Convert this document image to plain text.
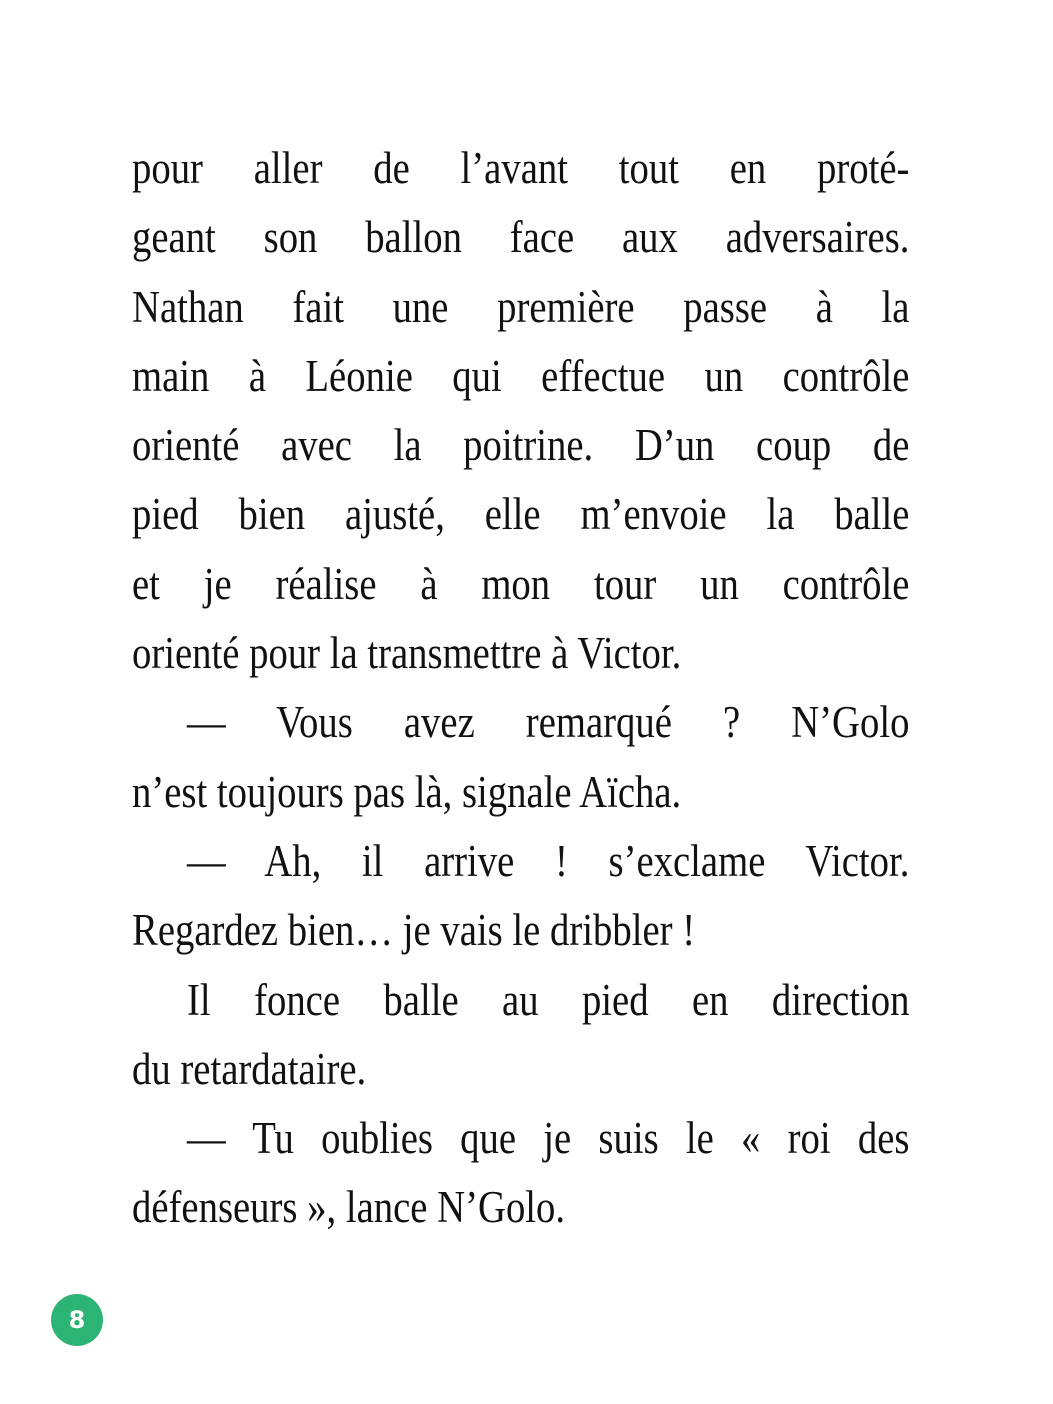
pour aller de l’avant tout en proté-
geant son ballon face aux adversaires.
Nathan fait une première passe à la
main à Léonie qui effectue un contrôle
orienté avec la poitrine. D’un coup de
pied bien ajusté, elle m’envoie la balle
et je réalise à mon tour un contrôle
orienté pour la transmettre à Victor.
— Vous avez remarqué ? N’Golo
n’est toujours pas là, signale Aïcha.
— Ah, il arrive ! s’exclame Victor.
Regardez bien… je vais le dribbler !
Il fonce balle au pied en direction
du retardataire.
— Tu oublies que je suis le « roi des
défenseurs », lance N’Golo.
8
